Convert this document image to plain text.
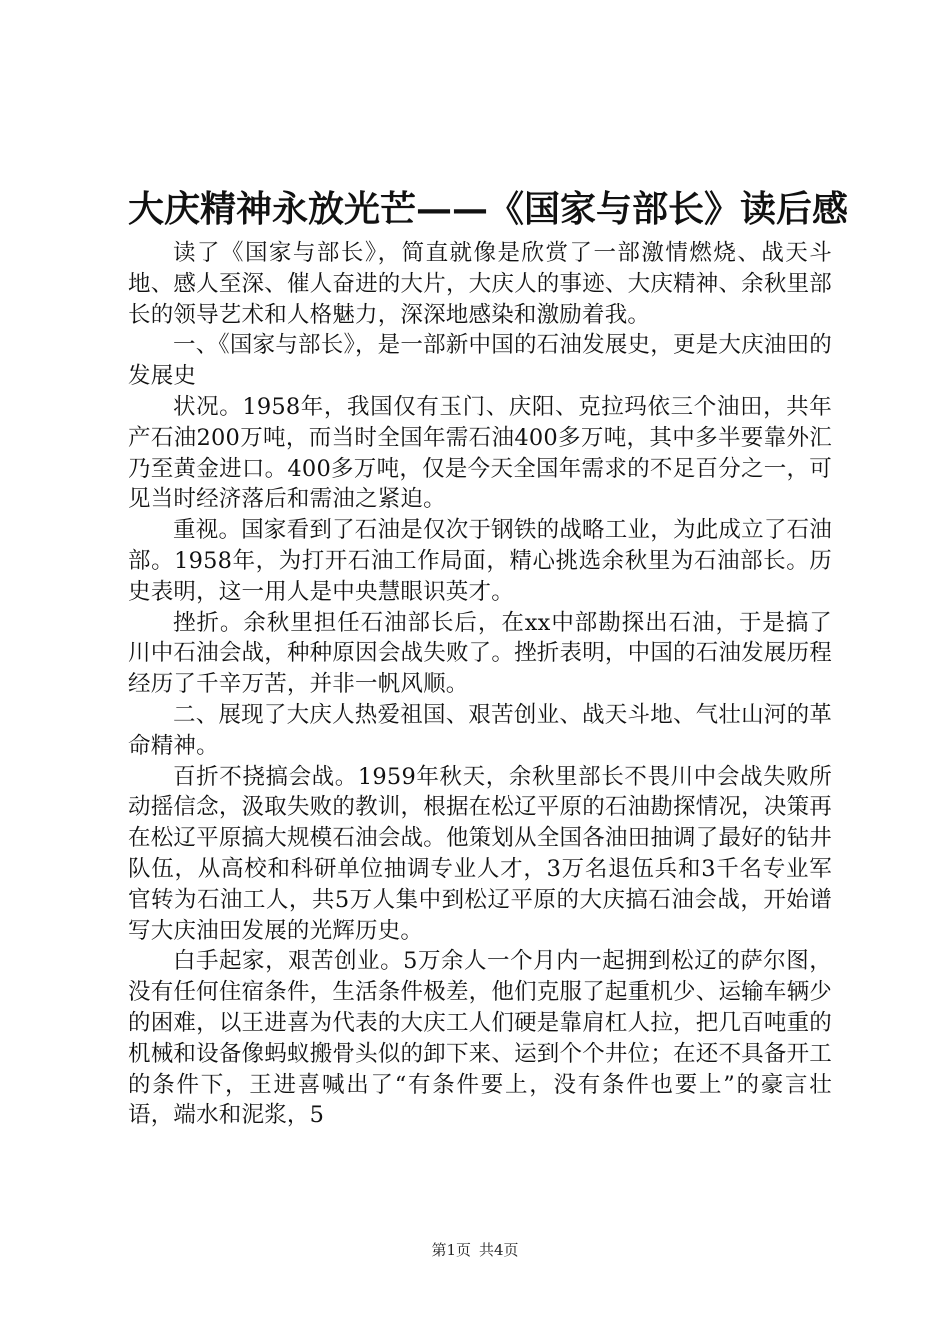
大庆精神永放光芒——《国家与部长》读后感

读了《国家与部长》，简直就像是欣赏了一部激情燃烧、战天斗地、感人至深、催人奋进的大片，大庆人的事迹、大庆精神、余秋里部长的领导艺术和人格魅力，深深地感染和激励着我。

一、《国家与部长》，是一部新中国的石油发展史，更是大庆油田的发展史

状况。1958年，我国仅有玉门、庆阳、克拉玛依三个油田，共年产石油200万吨，而当时全国年需石油400多万吨，其中多半要靠外汇乃至黄金进口。400多万吨，仅是今天全国年需求的不足百分之一，可见当时经济落后和需油之紧迫。

重视。国家看到了石油是仅次于钢铁的战略工业，为此成立了石油部。1958年，为打开石油工作局面，精心挑选余秋里为石油部长。历史表明，这一用人是中央慧眼识英才。

挫折。余秋里担任石油部长后，在xx中部勘探出石油，于是搞了川中石油会战，种种原因会战失败了。挫折表明，中国的石油发展历程经历了千辛万苦，并非一帆风顺。

二、展现了大庆人热爱祖国、艰苦创业、战天斗地、气壮山河的革命精神。

百折不挠搞会战。1959年秋天，余秋里部长不畏川中会战失败所动摇信念，汲取失败的教训，根据在松辽平原的石油勘探情况，决策再在松辽平原搞大规模石油会战。他策划从全国各油田抽调了最好的钻井队伍，从高校和科研单位抽调专业人才，3万名退伍兵和3千名专业军官转为石油工人，共5万人集中到松辽平原的大庆搞石油会战，开始谱写大庆油田发展的光辉历史。

白手起家，艰苦创业。5万余人一个月内一起拥到松辽的萨尔图，没有任何住宿条件，生活条件极差，他们克服了起重机少、运输车辆少的困难，以王进喜为代表的大庆工人们硬是靠肩杠人拉，把几百吨重的机械和设备像蚂蚁搬骨头似的卸下来、运到个个井位；在还不具备开工的条件下，王进喜喊出了“有条件要上，没有条件也要上”的豪言壮语，端水和泥浆，5

第1页 共4页
